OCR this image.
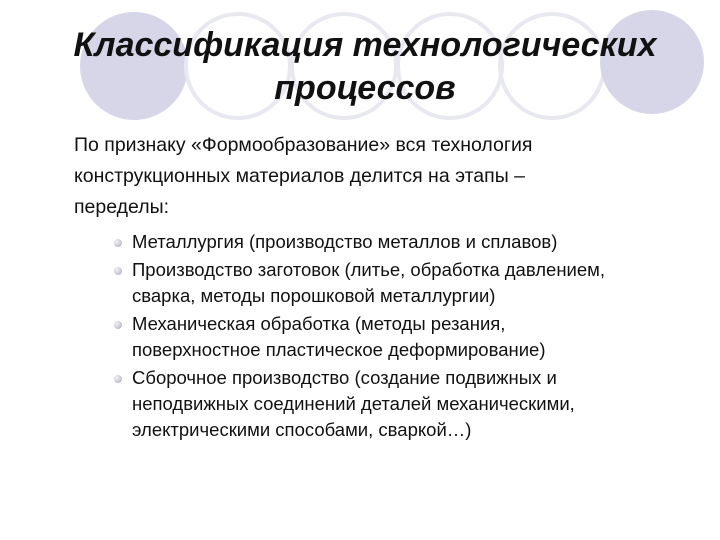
Классификация технологических
процессов
По признаку «Формообразование» вся технология
конструкционных материалов делится на этапы –
переделы:
Металлургия (производство металлов и сплавов)
Производство заготовок (литье, обработка давлением,
сварка, методы порошковой металлургии)
Механическая обработка (методы резания,
поверхностное пластическое деформирование)
Сборочное производство (создание подвижных и
неподвижных соединений деталей механическими,
электрическими способами, сваркой…)
